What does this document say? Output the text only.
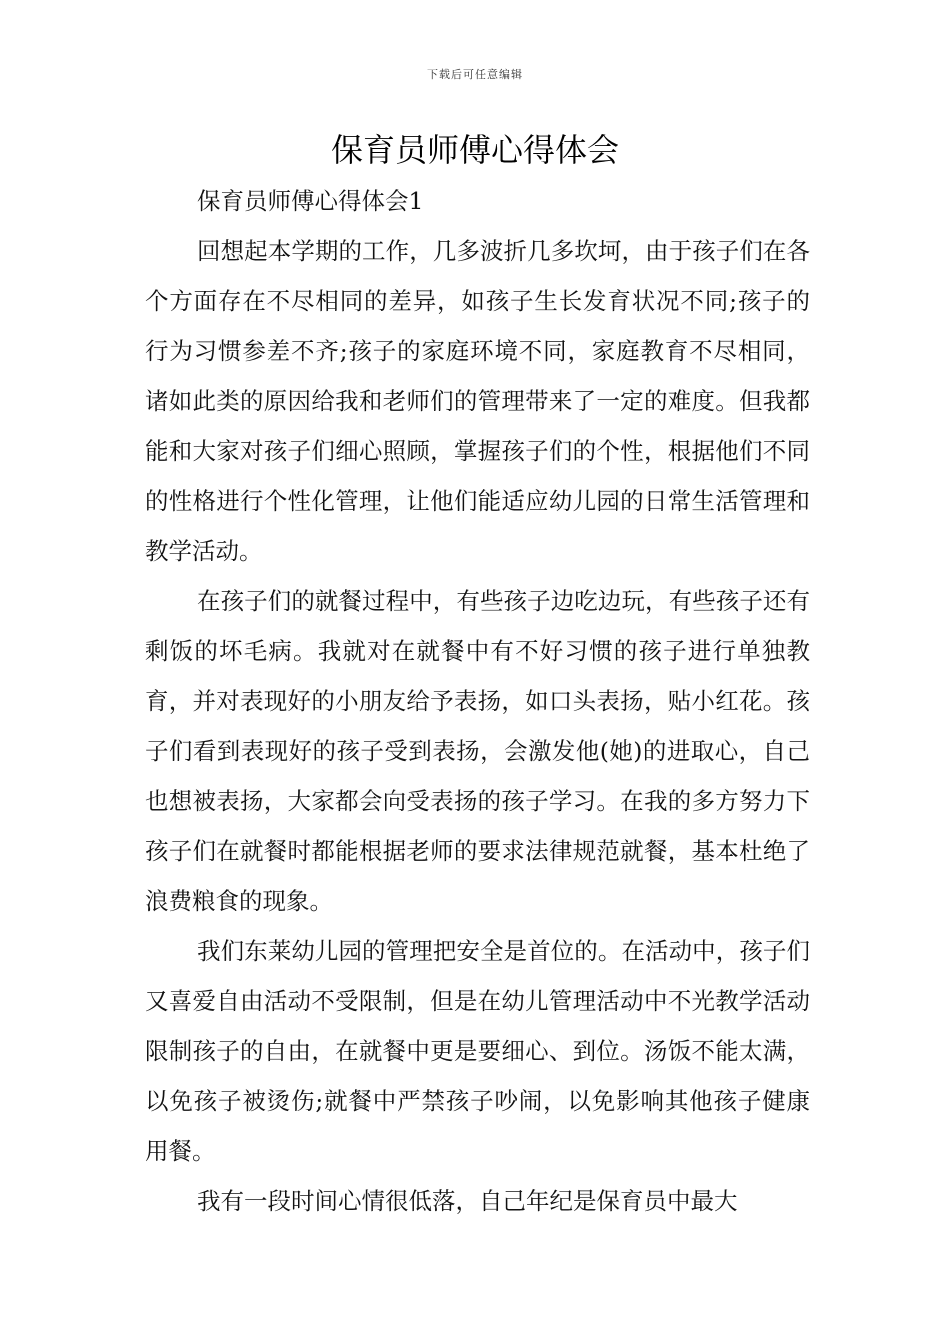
下载后可任意编辑
保育员师傅心得体会

保育员师傅心得体会1

回想起本学期的工作，几多波折几多坎坷，由于孩子们在各个方面存在不尽相同的差异，如孩子生长发育状况不同;孩子的行为习惯参差不齐;孩子的家庭环境不同，家庭教育不尽相同，诸如此类的原因给我和老师们的管理带来了一定的难度。但我都能和大家对孩子们细心照顾，掌握孩子们的个性，根据他们不同的性格进行个性化管理，让他们能适应幼儿园的日常生活管理和教学活动。

在孩子们的就餐过程中，有些孩子边吃边玩，有些孩子还有剩饭的坏毛病。我就对在就餐中有不好习惯的孩子进行单独教育，并对表现好的小朋友给予表扬，如口头表扬，贴小红花。孩子们看到表现好的孩子受到表扬，会激发他(她)的进取心，自己也想被表扬，大家都会向受表扬的孩子学习。在我的多方努力下孩子们在就餐时都能根据老师的要求法律规范就餐，基本杜绝了浪费粮食的现象。

我们东莱幼儿园的管理把安全是首位的。在活动中，孩子们又喜爱自由活动不受限制，但是在幼儿管理活动中不光教学活动限制孩子的自由，在就餐中更是要细心、到位。汤饭不能太满，以免孩子被烫伤;就餐中严禁孩子吵闹，以免影响其他孩子健康用餐。

我有一段时间心情很低落，自己年纪是保育员中最大
